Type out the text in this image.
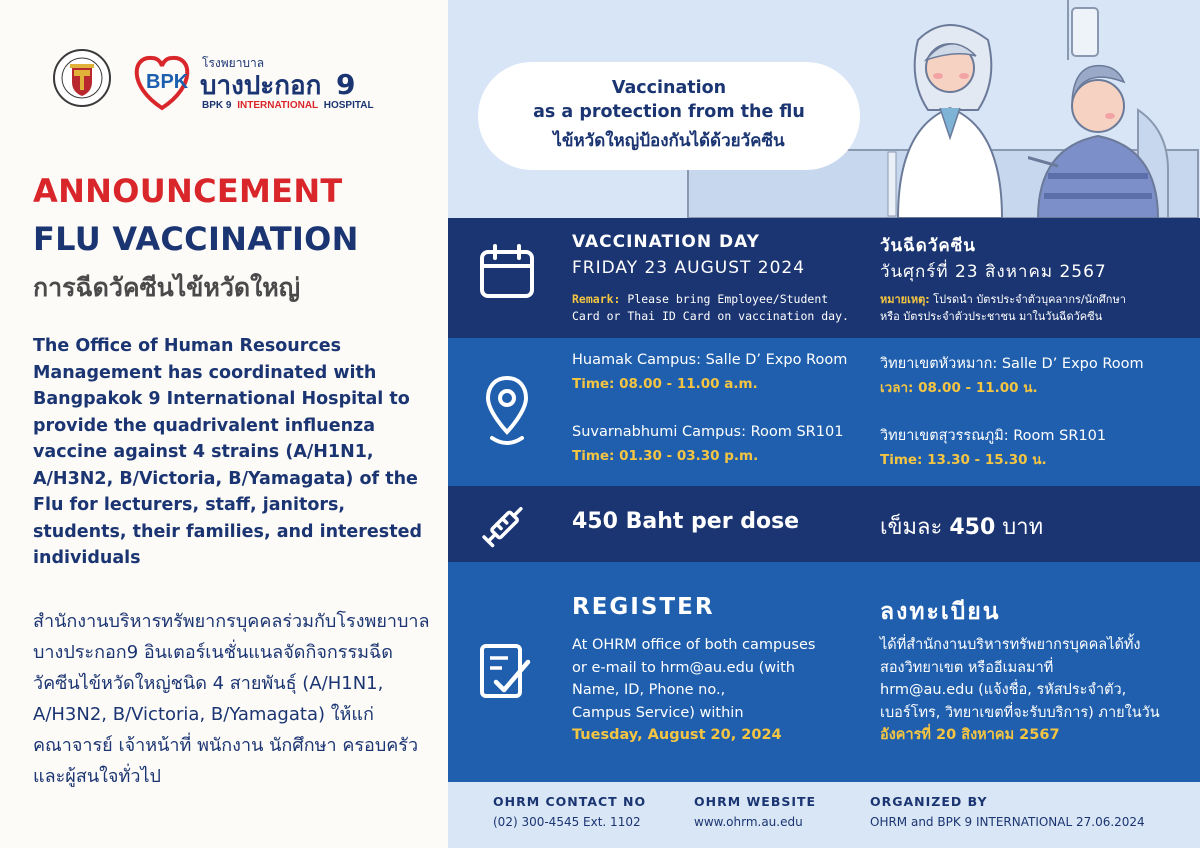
BPK
โรงพยาบาล
บางปะกอก 9
BPK 9 INTERNATIONAL HOSPITAL
ANNOUNCEMENT
FLU VACCINATION
การฉีดวัคซีนไข้หวัดใหญ่
The Office of Human Resources Management has coordinated with Bangpakok 9 International Hospital to provide the quadrivalent influenza vaccine against 4 strains (A/H1N1, A/H3N2, B/Victoria, B/Yamagata) of the Flu for lecturers, staff, janitors, students, their families, and interested individuals
สำนักงานบริหารทรัพยากรบุคคลร่วมกับโรงพยาบาลบางประกอก9 อินเตอร์เนชั่นแนลจัดกิจกรรมฉีดวัคซีนไข้หวัดใหญ่ชนิด 4 สายพันธุ์ (A/H1N1, A/H3N2, B/Victoria, B/Yamagata) ให้แก่คณาจารย์ เจ้าหน้าที่ พนักงาน นักศึกษา ครอบครัวและผู้สนใจทั่วไป
Vaccination
as a protection from the flu
ไข้หวัดใหญ่ป้องกันได้ด้วยวัคซีน
VACCINATION DAY
FRIDAY 23 AUGUST 2024
Remark: Please bring Employee/Student
Card or Thai ID Card on vaccination day.
วันฉีดวัคซีน
วันศุกร์ที่ 23 สิงหาคม 2567
หมายเหตุ: โปรดนำ บัตรประจำตัวบุคลากร/นักศึกษา
หรือ บัตรประจำตัวประชาชน มาในวันฉีดวัคซีน
Huamak Campus: Salle D’ Expo Room
Time: 08.00 - 11.00 a.m.
Suvarnabhumi Campus: Room SR101
Time: 01.30 - 03.30 p.m.
วิทยาเขตหัวหมาก: Salle D’ Expo Room
เวลา: 08.00 - 11.00 น.
วิทยาเขตสุวรรณภูมิ: Room SR101
Time: 13.30 - 15.30 น.
450 Baht per dose	เข็มละ 450 บาท
REGISTER
At OHRM office of both campuses
or e-mail to hrm@au.edu (with
Name, ID, Phone no.,
Campus Service) within
Tuesday, August 20, 2024
ลงทะเบียน
ได้ที่สำนักงานบริหารทรัพยากรบุคคลได้ทั้ง
สองวิทยาเขต หรืออีเมลมาที่
hrm@au.edu (แจ้งชื่อ, รหัสประจำตัว,
เบอร์โทร, วิทยาเขตที่จะรับบริการ) ภายในวัน
อังคารที่ 20 สิงหาคม 2567
OHRM CONTACT NO
(02) 300-4545 Ext. 1102
OHRM WEBSITE
www.ohrm.au.edu
ORGANIZED BY
OHRM and BPK 9 INTERNATIONAL 27.06.2024
